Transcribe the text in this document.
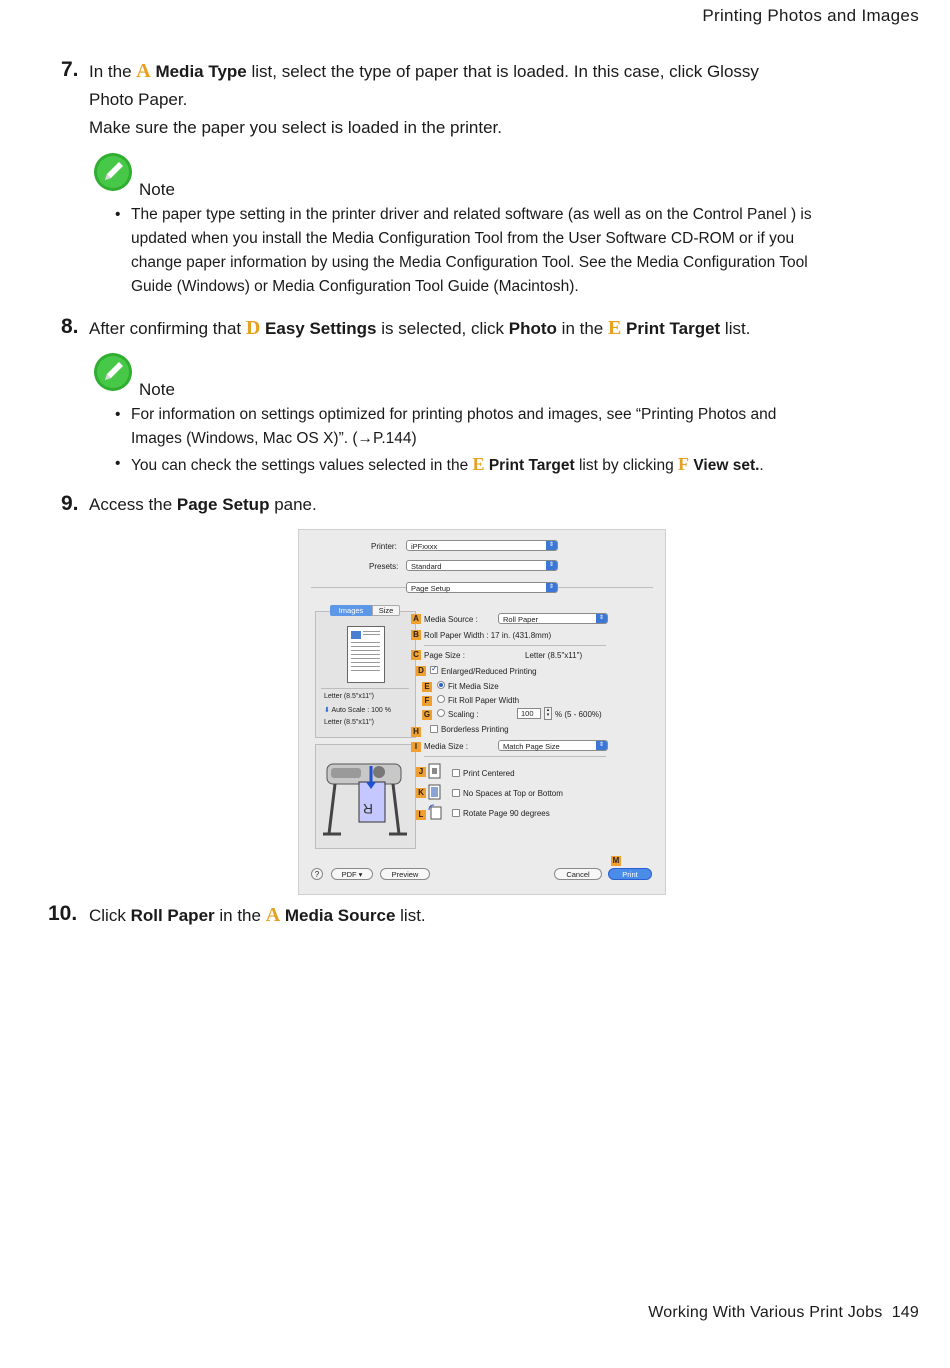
Printing Photos and Images
7. In the A Media Type list, select the type of paper that is loaded. In this case, click Glossy
Photo Paper.
Make sure the paper you select is loaded in the printer.
Note
• The paper type setting in the printer driver and related software (as well as on the Control Panel ) is
updated when you install the Media Configuration Tool from the User Software CD-ROM or if you
change paper information by using the Media Configuration Tool. See the Media Configuration Tool
Guide (Windows) or Media Configuration Tool Guide (Macintosh).
8. After confirming that D Easy Settings is selected, click Photo in the E Print Target list.
Note
• For information on settings optimized for printing photos and images, see “Printing Photos and
Images (Windows, Mac OS X)”. (→P.144)
• You can check the settings values selected in the E Print Target list by clicking F View set..
9. Access the Page Setup pane.
Printer:	iPFxxxx	⇕
Presets:	Standard	⇕
Page Setup	⇕
Images	Size
Letter (8.5"x11")
⬇ Auto Scale : 100 %
Letter (8.5"x11")
R
A Media Source :	Roll Paper	⇕
B Roll Paper Width : 17 in. (431.8mm)
C Page Size :	Letter (8.5"x11")
D
✓ Enlarged/Reduced Printing
E Fit Media Size
F	Fit Roll Paper Width
G Scaling :	100	▴
▾ % (5 - 600%)
H	Borderless Printing
I Media Size :	Match Page Size	⇕
J	Print Centered
K	No Spaces at Top or Bottom
L	Rotate Page 90 degrees
?	PDF ▾	Preview	Cancel
M
Print
10. Click Roll Paper in the A Media Source list.
Working With Various Print Jobs 149
